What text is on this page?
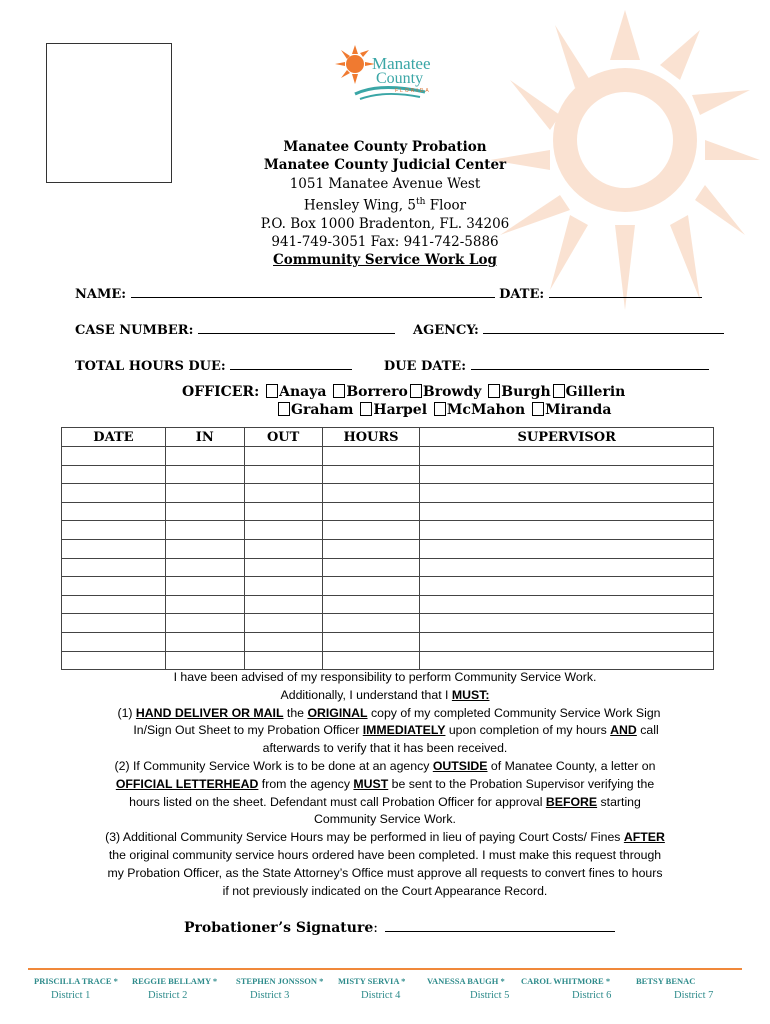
Manatee
County
FLORIDA
Manatee County Probation
Manatee County Judicial Center
1051 Manatee Avenue West
Hensley Wing, 5th Floor
P.O. Box 1000 Bradenton, FL. 34206
941-749-3051 Fax: 941-742-5886
Community Service Work Log
NAME:	DATE:
CASE NUMBER:	AGENCY:
TOTAL HOURS DUE:	DUE DATE:
OFFICER: Anaya Borrero Browdy Burgh Gillerin
Graham Harpel McMahon Miranda
DATE	IN	OUT	HOURS	SUPERVISOR

I have been advised of my responsibility to perform Community Service Work.
Additionally, I understand that I MUST:
(1) HAND DELIVER OR MAIL the ORIGINAL copy of my completed Community Service Work Sign
In/Sign Out Sheet to my Probation Officer IMMEDIATELY upon completion of my hours AND call
afterwards to verify that it has been received.
(2) If Community Service Work is to be done at an agency OUTSIDE of Manatee County, a letter on
OFFICIAL LETTERHEAD from the agency MUST be sent to the Probation Supervisor verifying the
hours listed on the sheet. Defendant must call Probation Officer for approval BEFORE starting
Community Service Work.
(3) Additional Community Service Hours may be performed in lieu of paying Court Costs/ Fines AFTER
the original community service hours ordered have been completed. I must make this request through
my Probation Officer, as the State Attorney’s Office must approve all requests to convert fines to hours
if not previously indicated on the Court Appearance Record.
Probationer’s Signature:
PRISCILLA TRACE * REGGIE BELLAMY * STEPHEN JONSSON * MISTY SERVIA *	VANESSA BAUGH * CAROL WHITMORE *	BETSY BENAC
District 1	District 2	District 3	District 4	District 5	District 6	District 7
